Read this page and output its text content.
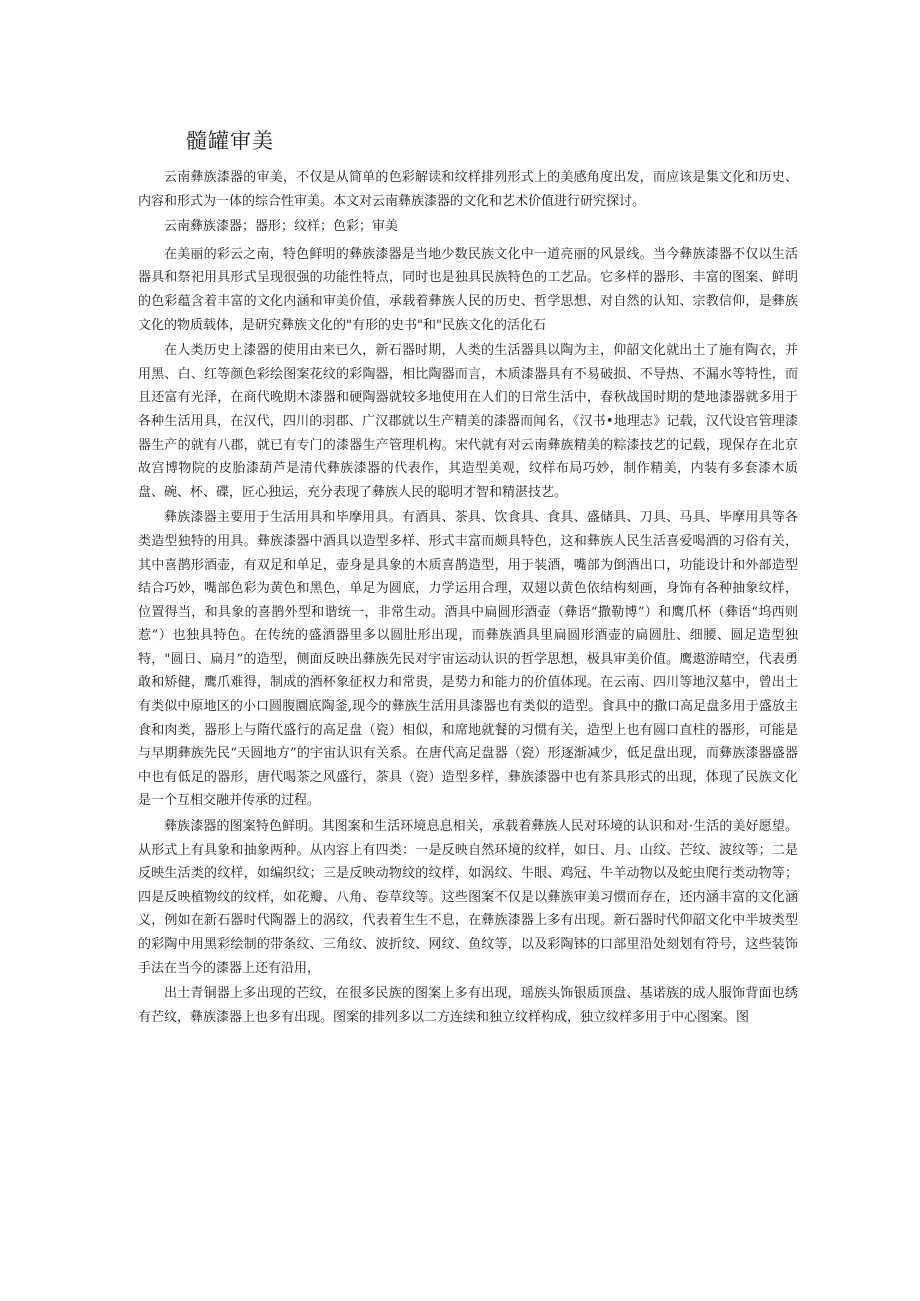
髓罐审美

云南彝族漆器的审美，不仅是从简单的色彩解读和纹样排列形式上的美感角度出发，而应该是集文化和历史、内容和形式为一体的综合性审美。本文对云南彝族漆器的文化和艺术价值进行研究探讨。

云南彝族漆器；器形；纹样；色彩；审美

在美丽的彩云之南，特色鲜明的彝族漆器是当地少数民族文化中一道亮丽的风景线。当今彝族漆器不仅以生活器具和祭祀用具形式呈现很强的功能性特点，同时也是独具民族特色的工艺品。它多样的器形、丰富的图案、鲜明的色彩蕴含着丰富的文化内涵和审美价值，承载着彝族人民的历史、哲学思想、对自然的认知、宗教信仰，是彝族文化的物质载体，是研究彝族文化的"有形的史书"和"民族文化的活化石

在人类历史上漆器的使用由来已久，新石器时期，人类的生活器具以陶为主，仰韶文化就出土了施有陶衣，并用黑、白、红等颜色彩绘图案花纹的彩陶器，相比陶器而言，木质漆器具有不易破损、不导热、不漏水等特性，而且还富有光泽，在商代晚期木漆器和硬陶器就较多地使用在人们的日常生活中，春秋战国时期的楚地漆器就多用于各种生活用具，在汉代，四川的羽郡、广汉郡就以生产精美的漆器而闻名，《汉书•地理志》记载，汉代设官管理漆器生产的就有八郡，就已有专门的漆器生产管理机构。宋代就有对云南彝族精美的粽漆技艺的记载，现保存在北京故宫博物院的皮胎漆葫芦是清代彝族漆器的代表作，其造型美观，纹样布局巧妙，制作精美，内装有多套漆木质盘、碗、杯、碟，匠心独运，充分表现了彝族人民的聪明才智和精湛技艺。

彝族漆器主要用于生活用具和毕摩用具。有酒具、茶具、饮食具、食具、盛储具、刀具、马具、毕摩用具等各类造型独特的用具。彝族漆器中酒具以造型多样、形式丰富而颇具特色，这和彝族人民生活喜爱喝酒的习俗有关，其中喜鹊形酒壶，有双足和单足，壶身是具象的木质喜鹊造型，用于装酒，嘴部为倒酒出口，功能设计和外部造型结合巧妙，嘴部色彩为黄色和黑色，单足为圆底，力学运用合理，双翅以黄色依结构刻画，身饰有各种抽象纹样，位置得当，和具象的喜鹊外型和谐统一，非常生动。酒具中扁圆形酒壶（彝语“撒勒博”）和鹰爪杯（彝语“坞西则惹”）也独具特色。在传统的盛酒器里多以圆肚形出现，而彝族酒具里扁圆形酒壶的扁圆肚、细腰、圆足造型独特，"圆日、扁月”的造型，侧面反映出彝族先民对宇宙运动认识的哲学思想，极具审美价值。鹰遨游晴空，代表勇敢和矫健，鹰爪难得，制成的酒杯象征权力和常贵，是势力和能力的价值体现。在云南、四川等地汉墓中，曾出土有类似中原地区的小口圆腹圜底陶釜,现今的彝族生活用具漆器也有类似的造型。食具中的撒口高足盘多用于盛放主食和肉类，器形上与隋代盛行的高足盘（瓷）相似，和席地就餐的习惯有关，造型上也有圆口直柱的器形，可能是与早期彝族先民“天圆地方”的宇宙认识有关系。在唐代高足盘器（瓷）形逐渐减少，低足盘出现，而彝族漆器盛器中也有低足的器形，唐代喝茶之风盛行，茶具（瓷）造型多样，彝族漆器中也有茶具形式的出现，体现了民族文化是一个互相交融并传承的过程。

彝族漆器的图案特色鲜明。其图案和生活环境息息相关，承载着彝族人民对环境的认识和对·生活的美好愿望。从形式上有具象和抽象两种。从内容上有四类：一是反映自然环境的纹样，如日、月、山纹、芒纹、波纹等；二是反映生活类的纹样，如编织纹；三是反映动物纹的纹样，如涡纹、牛眼、鸡冠、牛羊动物以及蛇虫爬行类动物等；四是反映植物纹的纹样，如花瓣、八角、卷草纹等。这些图案不仅是以彝族审美习惯而存在，还内涵丰富的文化涵义，例如在新石器时代陶器上的涡纹，代表着生生不息，在彝族漆器上多有出现。新石器时代仰韶文化中半坡类型的彩陶中用黑彩绘制的带条纹、三角纹、波折纹、网纹、鱼纹等，以及彩陶钵的口部里沿处刻划有符号，这些装饰手法在当今的漆器上还有沿用，

出土青铜器上多出现的芒纹，在很多民族的图案上多有出现，瑶族头饰银质顶盘、基诺族的成人服饰背面也绣有芒纹，彝族漆器上也多有出现。图案的排列多以二方连续和独立纹样构成，独立纹样多用于中心图案。图
